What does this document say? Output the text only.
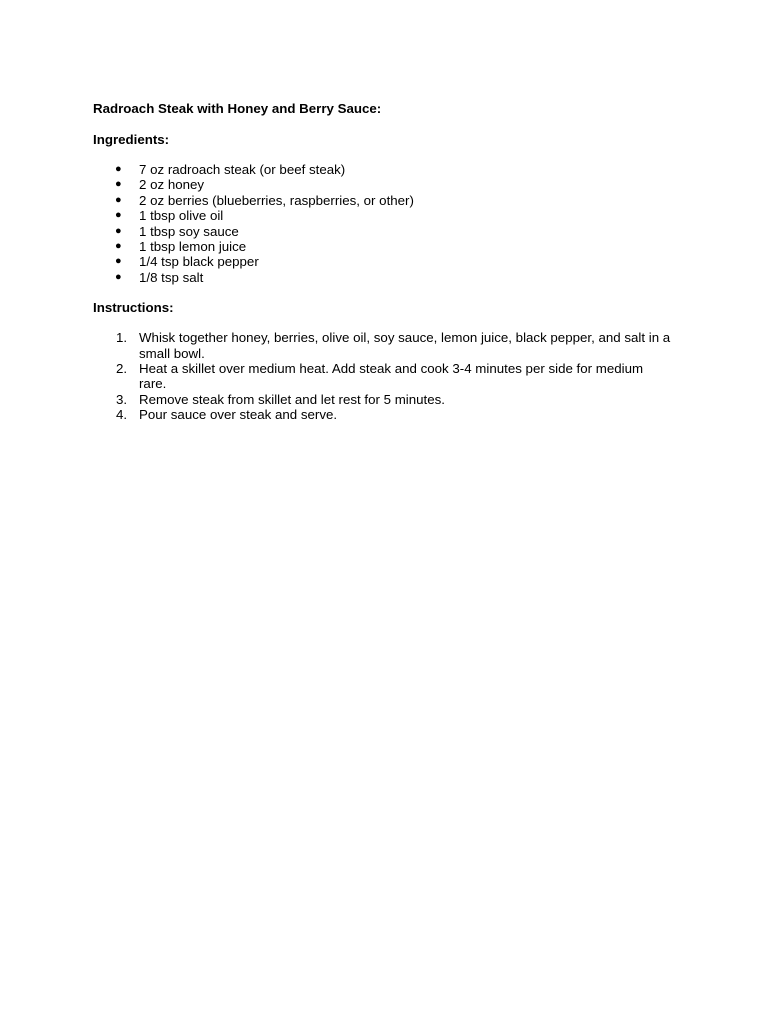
Radroach Steak with Honey and Berry Sauce:

Ingredients:

● 7 oz radroach steak (or beef steak)
● 2 oz honey
● 2 oz berries (blueberries, raspberries, or other)
● 1 tbsp olive oil
● 1 tbsp soy sauce
● 1 tbsp lemon juice
● 1/4 tsp black pepper
● 1/8 tsp salt

Instructions:

1. Whisk together honey, berries, olive oil, soy sauce, lemon juice, black pepper, and salt in a small bowl.
2. Heat a skillet over medium heat. Add steak and cook 3-4 minutes per side for medium rare.
3. Remove steak from skillet and let rest for 5 minutes.
4. Pour sauce over steak and serve.
